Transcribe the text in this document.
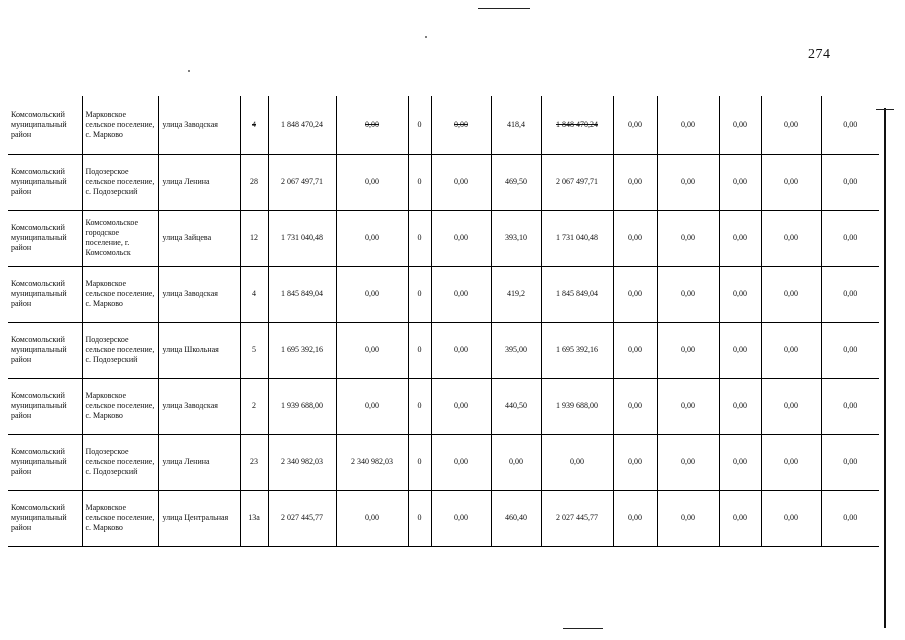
274
Комсомольский муниципальный район	Марковское сельское поселение, с. Марково	улица Заводская	4	1 848 470,24	0,00	0	0,00	418,4	1 848 470,24	0,00	0,00	0,00	0,00	0,00
Комсомольский муниципальный район	Подозерское сельское поселение, с. Подозерский	улица Ленина	28	2 067 497,71	0,00	0	0,00	469,50	2 067 497,71	0,00	0,00	0,00	0,00	0,00
Комсомольский муниципальный район	Комсомольское городское поселение, г. Комсомольск	улица Зайцева	12	1 731 040,48	0,00	0	0,00	393,10	1 731 040,48	0,00	0,00	0,00	0,00	0,00
Комсомольский муниципальный район	Марковское сельское поселение, с. Марково	улица Заводская	4	1 845 849,04	0,00	0	0,00	419,2	1 845 849,04	0,00	0,00	0,00	0,00	0,00
Комсомольский муниципальный район	Подозерское сельское поселение, с. Подозерский	улица Школьная	5	1 695 392,16	0,00	0	0,00	395,00	1 695 392,16	0,00	0,00	0,00	0,00	0,00
Комсомольский муниципальный район	Марковское сельское поселение, с. Марково	улица Заводская	2	1 939 688,00	0,00	0	0,00	440,50	1 939 688,00	0,00	0,00	0,00	0,00	0,00
Комсомольский муниципальный район	Подозерское сельское поселение, с. Подозерский	улица Ленина	23	2 340 982,03	2 340 982,03	0	0,00	0,00	0,00	0,00	0,00	0,00	0,00	0,00
Комсомольский муниципальный район	Марковское сельское поселение, с. Марково	улица Центральная	13а	2 027 445,77	0,00	0	0,00	460,40	2 027 445,77	0,00	0,00	0,00	0,00	0,00
